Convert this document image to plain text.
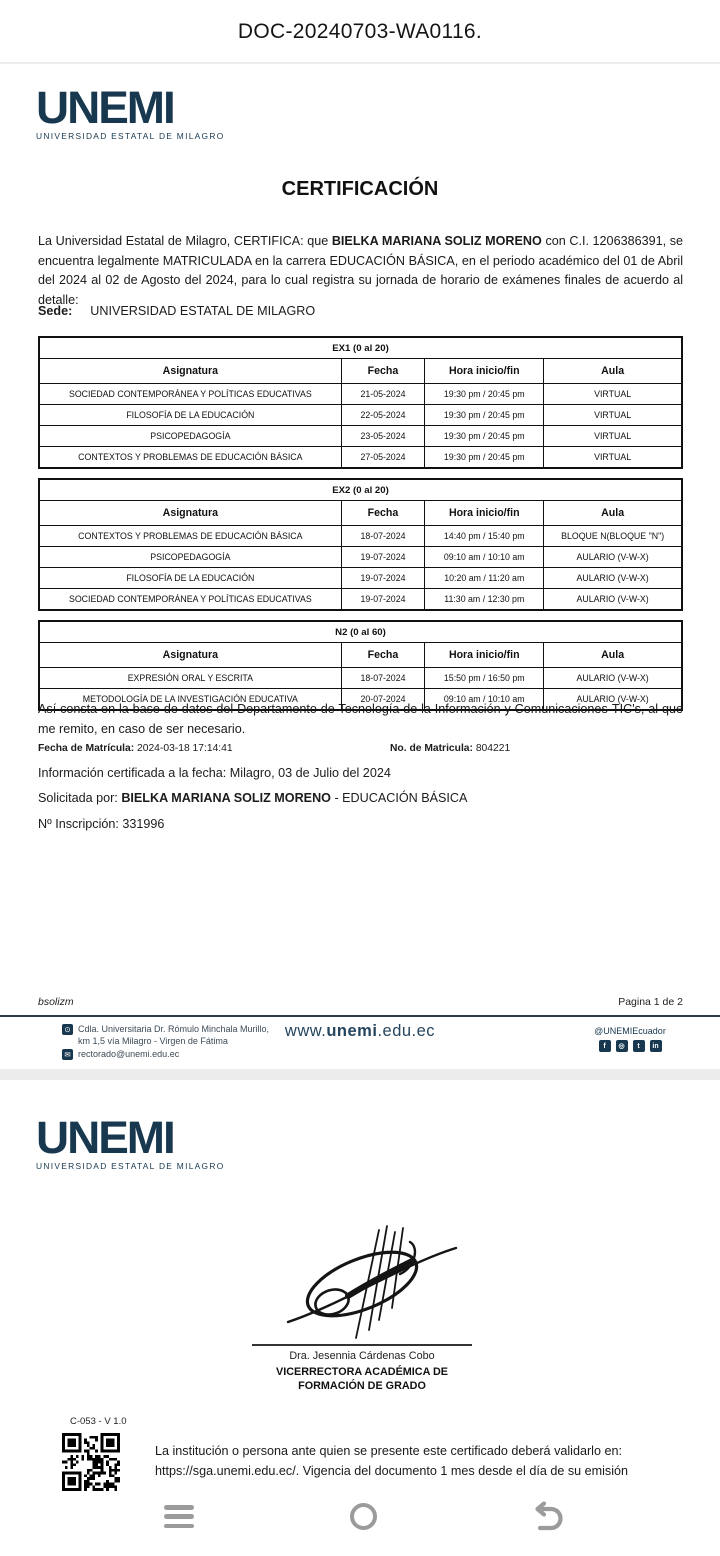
DOC-20240703-WA0116.
UNEMI
UNIVERSIDAD ESTATAL DE MILAGRO
CERTIFICACIÓN
La Universidad Estatal de Milagro, CERTIFICA: que BIELKA MARIANA SOLIZ MORENO con C.I. 1206386391, se encuentra legalmente MATRICULADA en la carrera EDUCACIÓN BÁSICA, en el periodo académico del 01 de Abril del 2024 al 02 de Agosto del 2024, para lo cual registra su jornada de horario de exámenes finales de acuerdo al detalle:
Sede: UNIVERSIDAD ESTATAL DE MILAGRO
EX1 (0 al 20)			
Asignatura	Fecha	Hora inicio/fin	Aula
SOCIEDAD CONTEMPORÁNEA Y POLÍTICAS EDUCATIVAS	21-05-2024	19:30 pm / 20:45 pm	VIRTUAL
FILOSOFÍA DE LA EDUCACIÓN	22-05-2024	19:30 pm / 20:45 pm	VIRTUAL
PSICOPEDAGOGÍA	23-05-2024	19:30 pm / 20:45 pm	VIRTUAL
CONTEXTOS Y PROBLEMAS DE EDUCACIÓN BÁSICA	27-05-2024	19:30 pm / 20:45 pm	VIRTUAL
EX2 (0 al 20)			
Asignatura	Fecha	Hora inicio/fin	Aula
CONTEXTOS Y PROBLEMAS DE EDUCACIÓN BÁSICA	18-07-2024	14:40 pm / 15:40 pm	BLOQUE N(BLOQUE "N")
PSICOPEDAGOGÍA	19-07-2024	09:10 am / 10:10 am	AULARIO (V-W-X)
FILOSOFÍA DE LA EDUCACIÓN	19-07-2024	10:20 am / 11:20 am	AULARIO (V-W-X)
SOCIEDAD CONTEMPORÁNEA Y POLÍTICAS EDUCATIVAS	19-07-2024	11:30 am / 12:30 pm	AULARIO (V-W-X)
N2 (0 al 60)			
Asignatura	Fecha	Hora inicio/fin	Aula
EXPRESIÓN ORAL Y ESCRITA	18-07-2024	15:50 pm / 16:50 pm	AULARIO (V-W-X)
METODOLOGÍA DE LA INVESTIGACIÓN EDUCATIVA	20-07-2024	09:10 am / 10:10 am	AULARIO (V-W-X)
Así consta en la base de datos del Departamento de Tecnología de la Información y Comunicaciones-TIC's, al que me remito, en caso de ser necesario.
Fecha de Matrícula: 2024-03-18 17:14:41	No. de Matricula: 804221
Información certificada a la fecha: Milagro, 03 de Julio del 2024
Solicitada por: BIELKA MARIANA SOLIZ MORENO - EDUCACIÓN BÁSICA
Nº Inscripción: 331996
bsolizm	Pagina 1 de 2
⊙ Cdla. Universitaria Dr. Rómulo Minchala Murillo,
km 1,5 vía Milagro - Virgen de Fátima
✉ rectorado@unemi.edu.ec
www.unemi.edu.ec	@UNEMIEcuador
f	◎	t	in
UNEMI
UNIVERSIDAD ESTATAL DE MILAGRO
Dra. Jesennia Cárdenas Cobo
VICERRECTORA ACADÉMICA DE
FORMACIÓN DE GRADO
C-053 - V 1.0
La institución o persona ante quien se presente este certificado deberá validarlo en:
https://sga.unemi.edu.ec/. Vigencia del documento 1 mes desde el día de su emisión
